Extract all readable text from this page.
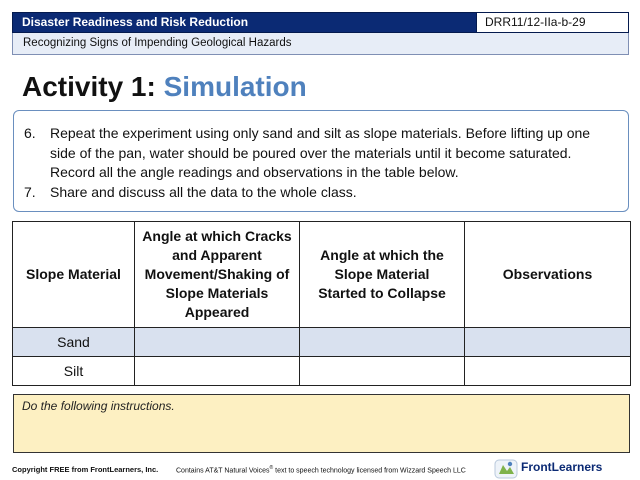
Disaster Readiness and Risk Reduction	DRR11/12-IIa-b-29
Recognizing Signs of Impending Geological Hazards
Activity 1: Simulation
6. Repeat the experiment using only sand and silt as slope materials. Before lifting up one
side of the pan, water should be poured over the materials until it become saturated.
Record all the angle readings and observations in the table below.
7. Share and discuss all the data to the whole class.
Slope Material	Angle at which Cracks and Apparent Movement/Shaking of Slope Materials Appeared	Angle at which the Slope Material Started to Collapse	Observations
Sand			
Silt			
Do the following instructions.
Copyright FREE from FrontLearners, Inc.	Contains AT&T Natural Voices® text to speech technology licensed from Wizzard Speech LLC	FrontLearners
